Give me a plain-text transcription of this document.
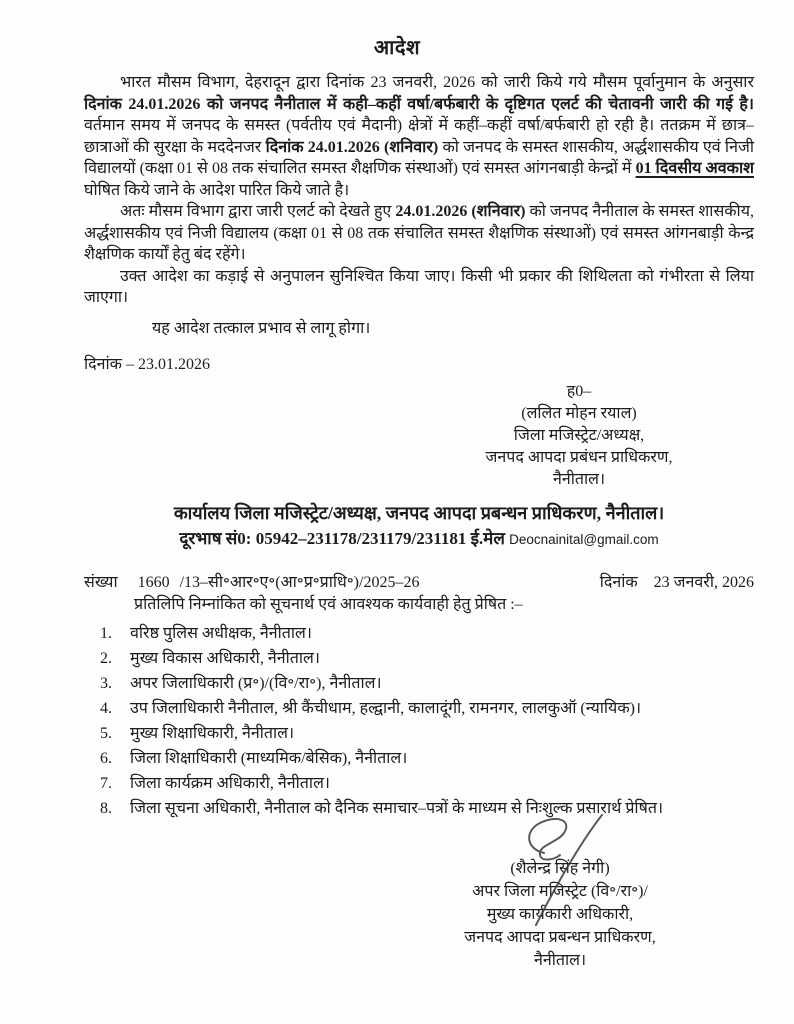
आदेश

भारत मौसम विभाग, देहरादून द्वारा दिनांक 23 जनवरी, 2026 को जारी किये गये मौसम पूर्वानुमान के अनुसार दिनांक 24.01.2026 को जनपद नैनीताल में कही–कहीं वर्षा/बर्फबारी के दृष्टिगत एलर्ट की चेतावनी जारी की गई है। वर्तमान समय में जनपद के समस्त (पर्वतीय एवं मैदानी) क्षेत्रों में कहीं–कहीं वर्षा/बर्फबारी हो रही है। ततक्रम में छात्र–छात्राओं की सुरक्षा के मददेनजर दिनांक 24.01.2026 (शनिवार) को जनपद के समस्त शासकीय, अर्द्धशासकीय एवं निजी विद्यालयों (कक्षा 01 से 08 तक संचालित समस्त शैक्षणिक संस्थाओं) एवं समस्त आंगनबाड़ी केन्द्रों में 01 दिवसीय अवकाश घोषित किये जाने के आदेश पारित किये जाते है।

अतः मौसम विभाग द्वारा जारी एलर्ट को देखते हुए 24.01.2026 (शनिवार) को जनपद नैनीताल के समस्त शासकीय, अर्द्धशासकीय एवं निजी विद्यालय (कक्षा 01 से 08 तक संचालित समस्त शैक्षणिक संस्थाओं) एवं समस्त आंगनबाड़ी केन्द्र शैक्षणिक कार्यों हेतु बंद रहेंगे।

उक्त आदेश का कड़ाई से अनुपालन सुनिश्चित किया जाए। किसी भी प्रकार की शिथिलता को गंभीरता से लिया जाएगा।

यह आदेश तत्काल प्रभाव से लागू होगा।

दिनांक – 23.01.2026
ह0–
(ललित मोहन रयाल)
जिला मजिस्ट्रेट/अध्यक्ष,
जनपद आपदा प्रबंधन प्राधिकरण,
नैनीताल।
कार्यालय जिला मजिस्ट्रेट/अध्यक्ष, जनपद आपदा प्रबन्धन प्राधिकरण, नैनीताल।
दूरभाष सं0: 05942–231178/231179/231181 ई.मेल Deocnainital@gmail.com
संख्या 1660 /13–सी॰आर॰ए॰(आ॰प्र॰प्राधि॰)/2025–26	दिनांक 23 जनवरी, 2026
प्रतिलिपि निम्नांकित को सूचनार्थ एवं आवश्यक कार्यवाही हेतु प्रेषित :–
1.	वरिष्ठ पुलिस अधीक्षक, नैनीताल।
2.	मुख्य विकास अधिकारी, नैनीताल।
3.	अपर जिलाधिकारी (प्र॰)/(वि॰/रा॰), नैनीताल।
4.	उप जिलाधिकारी नैनीताल, श्री कैंचीधाम, हल्द्वानी, कालादूंगी, रामनगर, लालकुऑ (न्यायिक)।
5.	मुख्य शिक्षाधिकारी, नैनीताल।
6.	जिला शिक्षाधिकारी (माध्यमिक/बेसिक), नैनीताल।
7.	जिला कार्यक्रम अधिकारी, नैनीताल।
8.	जिला सूचना अधिकारी, नैनीताल को दैनिक समाचार–पत्रों के माध्यम से निःशुल्क प्रसारार्थ प्रेषित।
(शैलेन्द्र सिंह नेगी)
अपर जिला मजिस्ट्रेट (वि॰/रा॰)/
मुख्य कार्यकारी अधिकारी,
जनपद आपदा प्रबन्धन प्राधिकरण,
नैनीताल।
